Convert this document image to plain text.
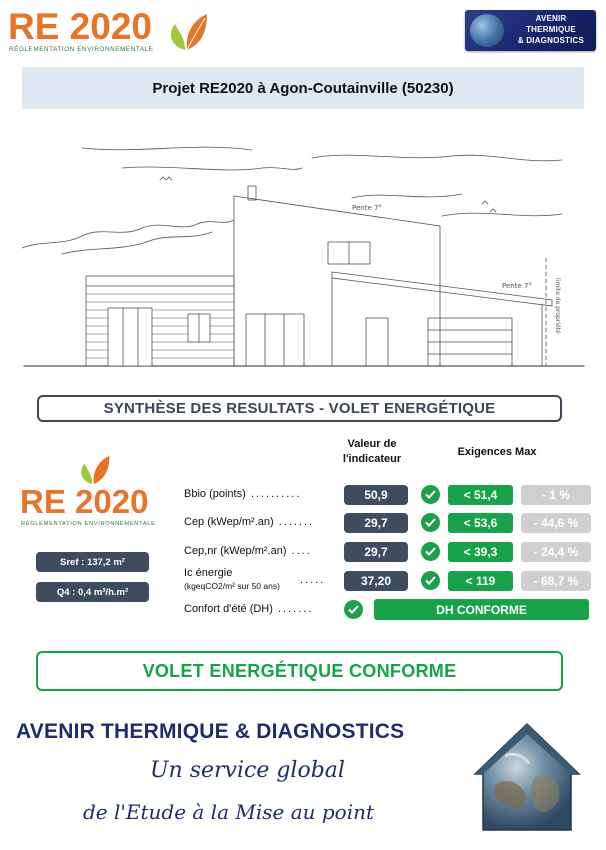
RE 2020
RÉGLEMENTATION ENVIRONNEMENTALE
AVENIR
THERMIQUE
& DIAGNOSTICS
Projet RE2020 à Agon-Coutainville (50230)
Pente 7°
Pente 7°	limite de propriété
SYNTHÈSE DES RESULTATS - VOLET ENERGÉTIQUE
Valeur de
l'indicateur
Exigences Max
RE 2020
RÉGLEMENTATION ENVIRONNEMENTALE
Sref : 137,2 m²
Q4 : 0,4 m³/h.m²
Bbio (points) ..........	50,9	< 51,4	- 1 %
Cep (kWep/m².an) .......	29,7	< 53,6	- 44,6 %
Cep,nr (kWep/m².an) ....	29,7	< 39,3	- 24,4 %
Ic énergie
(kgeqCO2/m² sur 50 ans) .....	37,20	< 119	- 68,7 %
Confort d'été (DH) .......	DH CONFORME
VOLET ENERGÉTIQUE CONFORME
AVENIR THERMIQUE & DIAGNOSTICS
Un service global
de l'Etude à la Mise au point
